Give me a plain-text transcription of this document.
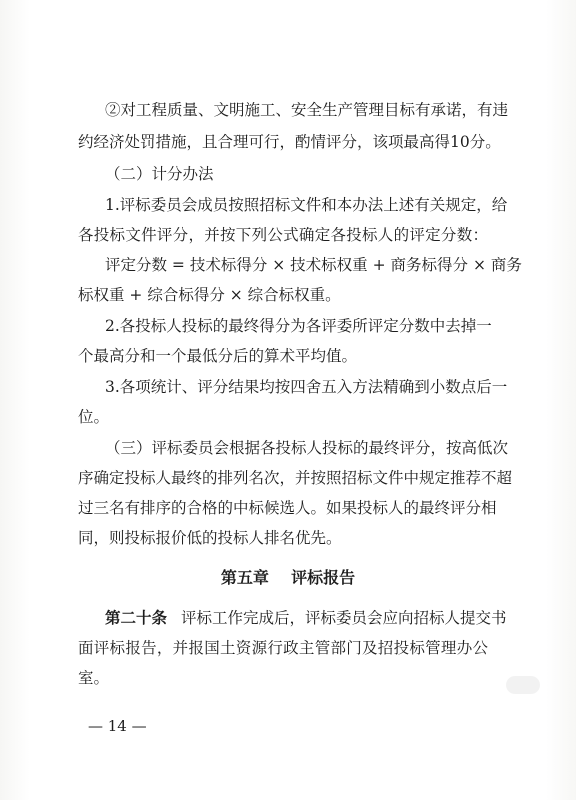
②对工程质量、文明施工、安全生产管理目标有承诺，有违
约经济处罚措施，且合理可行，酌情评分，该项最高得10分。
（二）计分办法
1.评标委员会成员按照招标文件和本办法上述有关规定，给
各投标文件评分，并按下列公式确定各投标人的评定分数：
评定分数 = 技术标得分 × 技术标权重 + 商务标得分 × 商务
标权重 + 综合标得分 × 综合标权重。
2.各投标人投标的最终得分为各评委所评定分数中去掉一
个最高分和一个最低分后的算术平均值。
3.各项统计、评分结果均按四舍五入方法精确到小数点后一
位。
（三）评标委员会根据各投标人投标的最终评分，按高低次
序确定投标人最终的排列名次，并按照招标文件中规定推荐不超
过三名有排序的合格的中标候选人。如果投标人的最终评分相
同，则投标报价低的投标人排名优先。
第五章    评标报告
第二十条 评标工作完成后，评标委员会应向招标人提交书
面评标报告，并报国土资源行政主管部门及招投标管理办公
室。
— 14 —
